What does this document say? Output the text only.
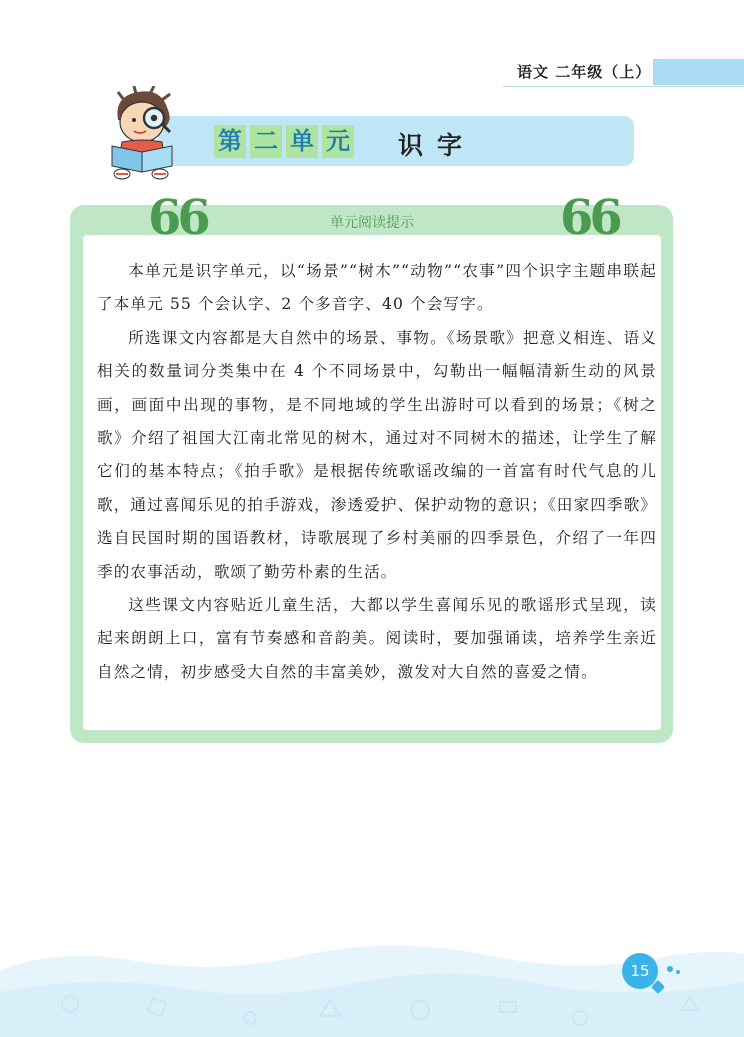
语文 二年级（上）
第 二 单 元 识字
66	66
单元阅读提示

本单元是识字单元，以“场景”“树木”“动物”“农事”四个识字主题串联起了本单元 55 个会认字、2 个多音字、40 个会写字。

所选课文内容都是大自然中的场景、事物。《场景歌》把意义相连、语义相关的数量词分类集中在 4 个不同场景中，勾勒出一幅幅清新生动的风景画，画面中出现的事物，是不同地域的学生出游时可以看到的场景；《树之歌》介绍了祖国大江南北常见的树木，通过对不同树木的描述，让学生了解它们的基本特点；《拍手歌》是根据传统歌谣改编的一首富有时代气息的儿歌，通过喜闻乐见的拍手游戏，渗透爱护、保护动物的意识；《田家四季歌》选自民国时期的国语教材，诗歌展现了乡村美丽的四季景色，介绍了一年四季的农事活动，歌颂了勤劳朴素的生活。

这些课文内容贴近儿童生活，大都以学生喜闻乐见的歌谣形式呈现，读起来朗朗上口，富有节奏感和音韵美。阅读时，要加强诵读，培养学生亲近自然之情，初步感受大自然的丰富美妙，激发对大自然的喜爱之情。

15
